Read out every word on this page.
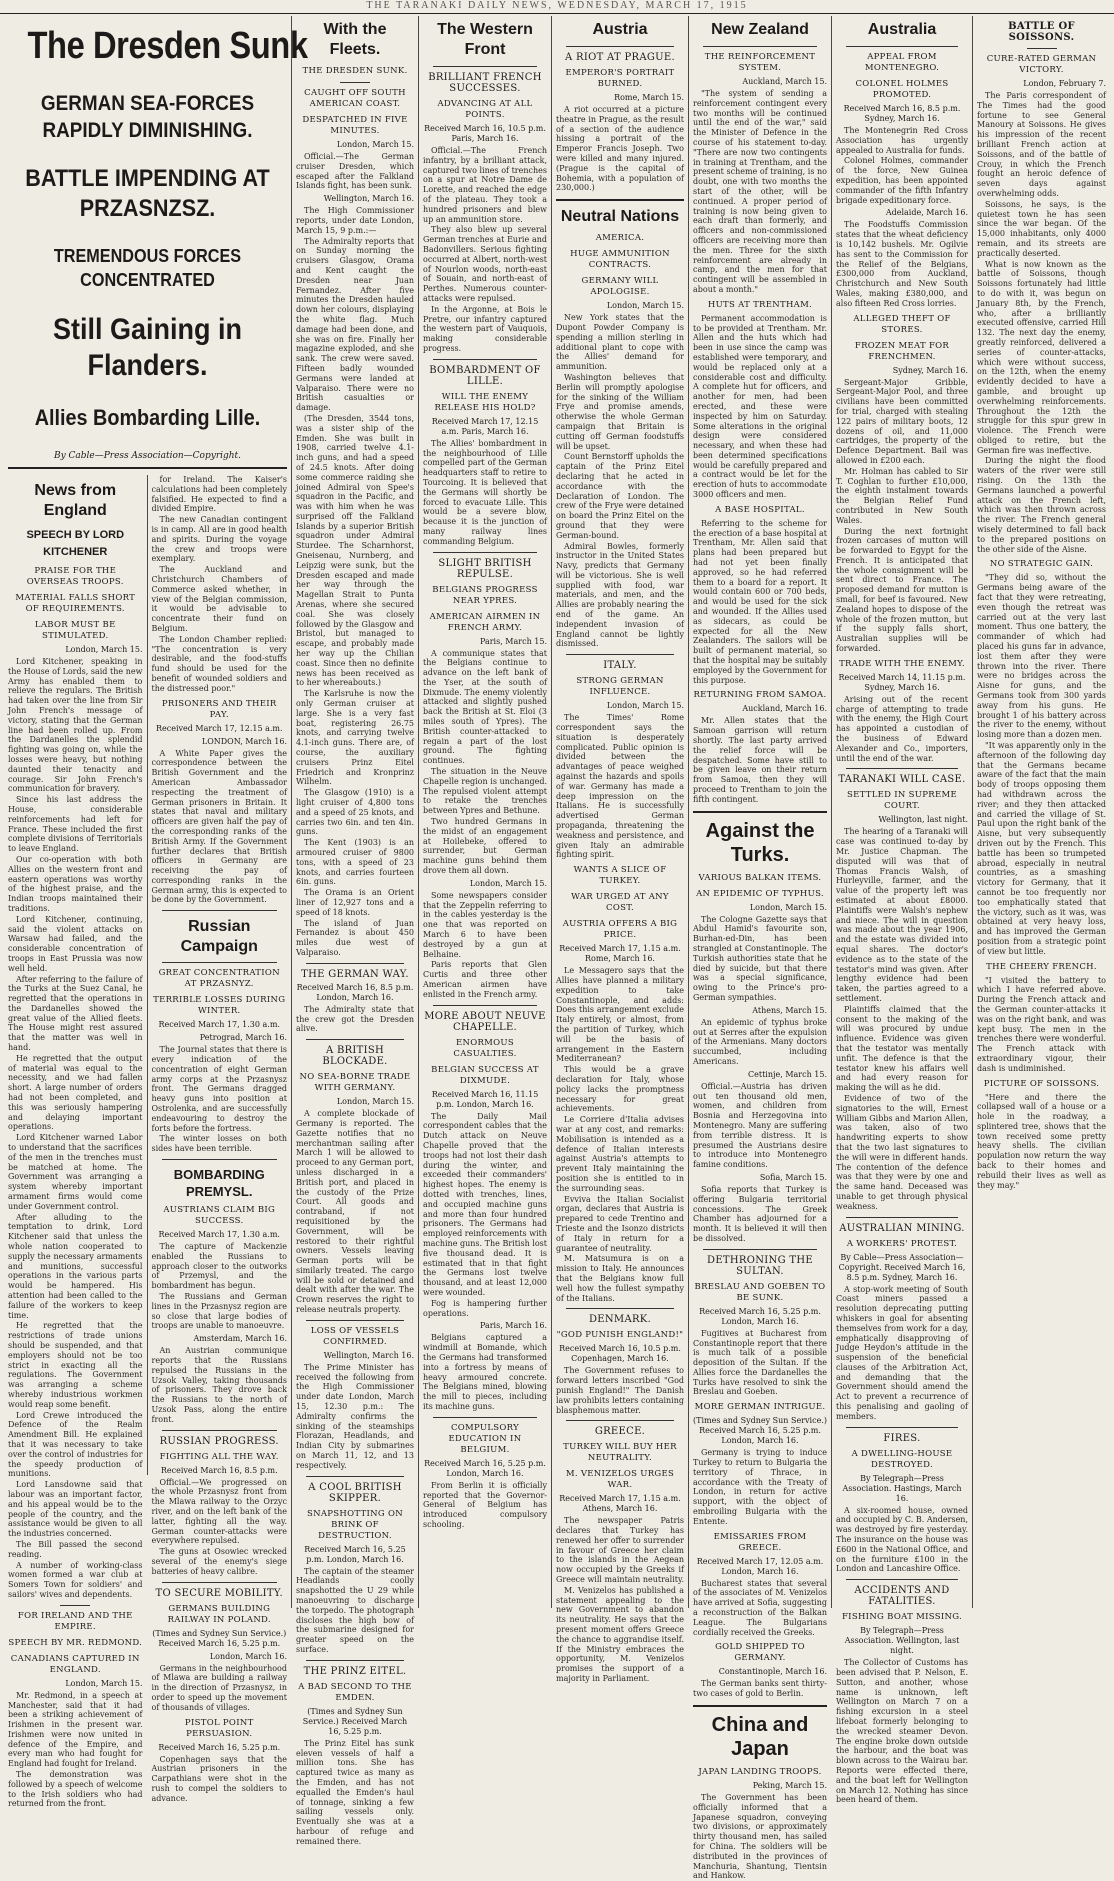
THE TARANAKI DAILY NEWS, WEDNESDAY, MARCH 17, 1915
The Dresden Sunk
GERMAN SEA-FORCES RAPIDLY DIMINISHING.
BATTLE IMPENDING AT PRZASNZSZ.
TREMENDOUS FORCES CONCENTRATED
Still Gaining in Flanders.
Allies Bombarding Lille.
By Cable—Press Association—Copyright.
News from England
SPEECH BY LORD KITCHENER
PRAISE FOR THE OVERSEAS TROOPS.
MATERIAL FALLS SHORT OF REQUIREMENTS.
LABOR MUST BE STIMULATED.
London, March 15.

Lord Kitchener, speaking in the House of Lords, said the new Army has enabled them to relieve the regulars. The British had taken over the line from Sir John French's message of victory, stating that the German line had been rolled up. From the Dardanelles the splendid fighting was going on, while the losses were heavy, but nothing daunted their tenacity and courage. Sir John French's communication for bravery.

Since his last address the House, considerable reinforcements had left for France. These included the first complete divisions of Territorials to leave England.

Our co-operation with both Allies on the western front and eastern operations was worthy of the highest praise, and the Indian troops maintained their traditions.

Lord Kitchener, continuing, said the violent attacks on Warsaw had failed, and the considerable concentration of troops in East Prussia was now well held.

After referring to the failure of the Turks at the Suez Canal, he regretted that the operations in the Dardanelles showed the great value of the Allied fleets. The House might rest assured that the matter was well in hand.

He regretted that the output of material was equal to the necessity, and we had fallen short. A large number of orders had not been completed, and this was seriously hampering and delaying important operations.

Lord Kitchener warned Labor to understand that the sacrifices of the men in the trenches must be matched at home. The Government was arranging a system whereby important armament firms would come under Government control.

After alluding to the temptation to drink, Lord Kitchener said that unless the whole nation cooperated to supply the necessary armaments and munitions, successful operations in the various parts would be hampered. His attention had been called to the failure of the workers to keep time.

He regretted that the restrictions of trade unions should be suspended, and that employers should not be too strict in exacting all the regulations. The Government was arranging a scheme whereby industrious workmen would reap some benefit.

Lord Crewe introduced the Defence of the Realm Amendment Bill. He explained that it was necessary to take over the control of industries for the speedy production of munitions.

Lord Lansdowne said that labour was an important factor, and his appeal would be to the people of the country, and the assistance would be given to all the industries concerned.

The Bill passed the second reading.

A number of working-class women formed a war club at Somers Town for soldiers' and sailors' wives and dependents.

FOR IRELAND AND THE EMPIRE.
SPEECH BY MR. REDMOND.
CANADIANS CAPTURED IN ENGLAND.
London, March 15.

Mr. Redmond, in a speech at Manchester, said that it had been a striking achievement of Irishmen in the present war. Irishmen were now united in defence of the Empire, and every man who had fought for England had fought for Ireland.

The demonstration was followed by a speech of welcome to the Irish soldiers who had returned from the front.

for Ireland. The Kaiser's calculations had been completely falsified. He expected to find a divided Empire.

The new Canadian contingent is in camp. All are in good health and spirits. During the voyage the crew and troops were exemplary.

The Auckland and Christchurch Chambers of Commerce asked whether, in view of the Belgian commission, it would be advisable to concentrate their fund on Belgium.

The London Chamber replied: "The concentration is very desirable, and the food-stuffs fund should be used for the benefit of wounded soldiers and the distressed poor."

PRISONERS AND THEIR PAY.
Received March 17, 12.15 a.m.
LONDON, March 16.

A White Paper gives the correspondence between the British Government and the American Ambassador respecting the treatment of German prisoners in Britain. It states that naval and military officers are given half the pay of the corresponding ranks of the British Army. If the Government further declares that British officers in Germany are receiving the pay of corresponding ranks in the German army, this is expected to be done by the Government.

Russian Campaign
GREAT CONCENTRATION AT PRZASNYZ.
TERRIBLE LOSSES DURING WINTER.
Received March 17, 1.30 a.m.
Petrograd, March 16.

The Journal states that there is every indication of the concentration of eight German army corps at the Przasnysz front. The Germans dragged heavy guns into position at Ostrolenka, and are successfully endeavouring to destroy the forts before the fortress.

The winter losses on both sides have been terrible.

BOMBARDING PREMYSL.
AUSTRIANS CLAIM BIG SUCCESS.
Received March 17, 1.30 a.m.

The capture of Mackenzie enabled the Russians to approach closer to the outworks of Przemysl, and the bombardment has begun.

The Russians and German lines in the Przasnysz region are so close that large bodies of troops are unable to manoeuvre.

Amsterdam, March 16.

An Austrian communique reports that the Russians repulsed the Russians in the Uzsok Valley, taking thousands of prisoners. They drove back the Russians to the north of Uzsok Pass, along the entire front.

RUSSIAN PROGRESS.
FIGHTING ALL THE WAY.
Received March 16, 8.5 p.m.

Official.—We progressed on the whole Przasnysz front from the Mlawa railway to the Orzyc river, and on the left bank of the latter, fighting all the way. German counter-attacks were everywhere repulsed.

The guns at Osowiec wrecked several of the enemy's siege batteries of heavy calibre.

TO SECURE MOBILITY.
GERMANS BUILDING RAILWAY IN POLAND.
(Times and Sydney Sun Service.) Received March 16, 5.25 p.m.
London, March 16.

Germans in the neighbourhood of Mlawa are building a railway in the direction of Przasnysz, in order to speed up the movement of thousands of villages.

PISTOL POINT PERSUASION.
Received March 16, 5.25 p.m.

Copenhagen says that the Austrian prisoners in the Carpathians were shot in the rush to compel the soldiers to advance.

With the Fleets.
THE DRESDEN SUNK.
CAUGHT OFF SOUTH AMERICAN COAST.
DESPATCHED IN FIVE MINUTES.
London, March 15.

Official.—The German cruiser Dresden, which escaped after the Falkland Islands fight, has been sunk.

Wellington, March 16.

The High Commissioner reports, under date London, March 15, 9 p.m.:—

The Admiralty reports that on Sunday morning the cruisers Glasgow, Orama and Kent caught the Dresden near Juan Fernandez. After five minutes the Dresden hauled down her colours, displaying the white flag. Much damage had been done, and she was on fire. Finally her magazine exploded, and she sank. The crew were saved. Fifteen badly wounded Germans were landed at Valparaiso. There were no British casualties or damage.

(The Dresden, 3544 tons, was a sister ship of the Emden. She was built in 1908, carried twelve 4.1-inch guns, and had a speed of 24.5 knots. After doing some commerce raiding she joined Admiral von Spee's squadron in the Pacific, and was with him when he was surprised off the Falkland Islands by a superior British squadron under Admiral Sturdee. The Scharnhorst, Gneisenau, Nurnberg, and Leipzig were sunk, but the Dresden escaped and made her way through the Magellan Strait to Punta Arenas, where she secured coal. She was closely followed by the Glasgow and Bristol, but managed to escape, and probably made her way up the Chilian coast. Since then no definite news has been received as to her whereabouts.)

The Karlsruhe is now the only German cruiser at large. She is a very fast boat, registering 26.75 knots, and carrying twelve 4.1-inch guns. There are, of course, the auxiliary cruisers Prinz Eitel Friedrich and Kronprinz Wilhelm.

The Glasgow (1910) is a light cruiser of 4,800 tons and a speed of 25 knots, and carries two 6in. and ten 4in. guns.

The Kent (1903) is an armoured cruiser of 9800 tons, with a speed of 23 knots, and carries fourteen 6in. guns.

The Orama is an Orient liner of 12,927 tons and a speed of 18 knots.

The island of Juan Fernandez is about 450 miles due west of Valparaiso.

THE GERMAN WAY.
Received March 16, 8.5 p.m. London, March 16.

The Admiralty state that the crew got the Dresden alive.

A BRITISH BLOCKADE.
NO SEA-BORNE TRADE WITH GERMANY.
London, March 15.

A complete blockade of Germany is reported. The Gazette notifies that no merchantman sailing after March 1 will be allowed to proceed to any German port, unless discharged in a British port, and placed in the custody of the Prize Court. All goods and contraband, if not requisitioned by the Government, will be restored to their rightful owners. Vessels leaving German ports will be similarly treated. The cargo will be sold or detained and dealt with after the war. The Crown reserves the right to release neutrals property.

LOSS OF VESSELS CONFIRMED.
Wellington, March 16.

The Prime Minister has received the following from the High Commissioner under date London, March 15, 12.30 p.m.: The Admiralty confirms the sinking of the steamships Florazan, Headlands, and Indian City by submarines on March 11, 12, and 13 respectively.

A COOL BRITISH SKIPPER.
SNAPSHOTTING ON BRINK OF DESTRUCTION.
Received March 16, 5.25 p.m. London, March 16.

The captain of the steamer Headlands coolly snapshotted the U 29 while manoeuvring to discharge the torpedo. The photograph discloses the high bow of the submarine designed for greater speed on the surface.

THE PRINZ EITEL.
A BAD SECOND TO THE EMDEN.
(Times and Sydney Sun Service.) Received March 16, 5.25 p.m.

The Prinz Eitel has sunk eleven vessels of half a million tons. She has captured twice as many as the Emden, and has not equalled the Emden's haul of tonnage, sinking a few sailing vessels only. Eventually she was at a harbour of refuge and remained there.

The Western Front
BRILLIANT FRENCH SUCCESSES.
ADVANCING AT ALL POINTS.
Received March 16, 10.5 p.m. Paris, March 16.

Official.—The French infantry, by a brilliant attack, captured two lines of trenches on a spur at Notre Dame de Lorette, and reached the edge of the plateau. They took a hundred prisoners and blew up an ammunition store.

They also blew up several German trenches at Eurie and Badonvillers. Serious fighting occurred at Albert, north-west of Nourlon woods, north-east of Souain, and north-east of Perthes. Numerous counter-attacks were repulsed.

In the Argonne, at Bois le Pretre, our infantry captured the western part of Vauquois, making considerable progress.

BOMBARDMENT OF LILLE.
WILL THE ENEMY RELEASE HIS HOLD?
Received March 17, 12.15 a.m. Paris, March 16.

The Allies' bombardment in the neighbourhood of Lille compelled part of the German headquarters staff to retire to Tourcoing. It is believed that the Germans will shortly be forced to evacuate Lille. This would be a severe blow, because it is the junction of many railway lines commanding Belgium.

SLIGHT BRITISH REPULSE.
BELGIANS PROGRESS NEAR YPRES.
AMERICAN AIRMEN IN FRENCH ARMY.
Paris, March 15.

A communique states that the Belgians continue to advance on the left bank of the Yser, at the south of Dixmude. The enemy violently attacked and slightly pushed back the British at St. Eloi (3 miles south of Ypres). The British counter-attacked to regain a part of the lost ground. The fighting continues.

The situation in the Neuve Chapelle region is unchanged. The repulsed violent attempt to retake the trenches between Ypres and Bethune.

Two hundred Germans in the midst of an engagement at Hoilebeke, offered to surrender, but German machine guns behind them drove them all down.

London, March 15.

Some newspapers consider that the Zeppelin referring to in the cables yesterday is the one that was reported on March 6 to have been destroyed by a gun at Belhaine.

Paris reports that Glen Curtis and three other American airmen have enlisted in the French army.

MORE ABOUT NEUVE CHAPELLE.
ENORMOUS CASUALTIES.
BELGIAN SUCCESS AT DIXMUDE.
Received March 16, 11.15 p.m. London, March 16.

The Daily Mail correspondent cables that the Dutch attack on Neuve Chapelle proved that the troops had not lost their dash during the winter, and exceeded their commanders' highest hopes. The enemy is dotted with trenches, lines, and occupied machine guns and more than four hundred prisoners. The Germans had employed reinforcements with machine guns. The British lost five thousand dead. It is estimated that in that fight the Germans lost twelve thousand, and at least 12,000 were wounded.

Fog is hampering further operations.

Paris, March 16.

Belgians captured a windmill at Bomande, which the Germans had transformed into a fortress by means of heavy armoured concrete. The Belgians mined, blowing the mill to pieces, including its machine guns.

COMPULSORY EDUCATION IN BELGIUM.
Received March 16, 5.25 p.m. London, March 16.

From Berlin it is officially reported that the Governor-General of Belgium has introduced compulsory schooling.

Austria
A RIOT AT PRAGUE.
EMPEROR'S PORTRAIT BURNED.
Rome, March 15.

A riot occurred at a picture theatre in Prague, as the result of a section of the audience hissing a portrait of the Emperor Francis Joseph. Two were killed and many injured. (Prague is the capital of Bohemia, with a population of 230,000.)

Neutral Nations
AMERICA.
HUGE AMMUNITION CONTRACTS.
GERMANY WILL APOLOGISE.
London, March 15.

New York states that the Dupont Powder Company is spending a million sterling in additional plant to cope with the Allies' demand for ammunition.

Washington believes that Berlin will promptly apologise for the sinking of the William Frye and promise amends, otherwise the whole German campaign that Britain is cutting off German foodstuffs will be upset.

Count Bernstorff upholds the captain of the Prinz Eitel declaring that he acted in accordance with the Declaration of London. The crew of the Frye were detained on board the Prinz Eitel on the ground that they were German-bound.

Admiral Bowles, formerly instructor in the United States Navy, predicts that Germany will be victorious. She is well supplied with food, war materials, and men, and the Allies are probably nearing the end of the game. An independent invasion of England cannot be lightly dismissed.

ITALY.
STRONG GERMAN INFLUENCE.
London, March 15.

The Times' Rome correspondent says the situation is desperately complicated. Public opinion is divided between the advantages of peace weighed against the hazards and spoils of war. Germany has made a deep impression on the Italians. He is successfully advertised German propaganda, threatening the weakness and persistence, and given Italy an admirable fighting spirit.

WANTS A SLICE OF TURKEY.
WAR URGED AT ANY COST.
AUSTRIA OFFERS A BIG PRICE.
Received March 17, 1.15 a.m. Rome, March 16.

Le Messagero says that the Allies have planned a military expedition to take Constantinople, and adds: Does this arrangement exclude Italy entirely, or almost, from the partition of Turkey, which will be the basis of arrangement in the Eastern Mediterranean?

This would be a grave declaration for Italy, whose policy lacks the promptness necessary for great achievements.

Le Corriere d'Italia advises war at any cost, and remarks: Mobilisation is intended as a defence of Italian interests against Austria's attempts to prevent Italy maintaining the position she is entitled to in the surrounding seas.

Evviva the Italian Socialist organ, declares that Austria is prepared to cede Trentino and Trieste and the Isonzo districts of Italy in return for a guarantee of neutrality.

M. Matsumura is on a mission to Italy. He announces that the Belgians know full well how the fullest sympathy of the Italians.

DENMARK.
"GOD PUNISH ENGLAND!"
Received March 16, 10.5 p.m. Copenhagen, March 16.

The Government refuses to forward letters inscribed "God punish England!" The Danish law prohibits letters containing blasphemous matter.

GREECE.
TURKEY WILL BUY HER NEUTRALITY.
M. VENIZELOS URGES WAR.
Received March 17, 1.15 a.m. Athens, March 16.

The newspaper Patris declares that Turkey has renewed her offer to surrender in favour of Greece her claim to the islands in the Aegean now occupied by the Greeks if Greece will maintain neutrality.

M. Venizelos has published a statement appealing to the new Government to abandon its neutrality. He says that the present moment offers Greece the chance to aggrandise itself. If the Ministry embraces the opportunity, M. Venizelos promises the support of a majority in Parliament.

New Zealand
THE REINFORCEMENT SYSTEM.
Auckland, March 15.

"The system of sending a reinforcement contingent every two months will be continued until the end of the war," said the Minister of Defence in the course of his statement to-day. "There are now two contingents in training at Trentham, and the present scheme of training, is no doubt, one with two months the start of the other, will be continued. A proper period of training is now being given to each draft than formerly, and officers and non-commissioned officers are receiving more than the men. Three for the sixth reinforcement are already in camp, and the men for that contingent will be assembled in about a month."

HUTS AT TRENTHAM.

Permanent accommodation is to be provided at Trentham. Mr. Allen and the huts which had been in use since the camp was established were temporary, and would be replaced only at a considerable cost and difficulty. A complete hut for officers, and another for men, had been erected, and these were inspected by him on Saturday. Some alterations in the original design were considered necessary, and when these had been determined specifications would be carefully prepared and a contract would be let for the erection of huts to accommodate 3000 officers and men.

A BASE HOSPITAL.

Referring to the scheme for the erection of a base hospital at Trentham, Mr. Allen said that plans had been prepared but had not yet been finally approved, so he had referred them to a board for a report. It would contain 600 or 700 beds, and would be used for the sick and wounded. If the Allies used as sidecars, as could be expected for all the New Zealanders. The sailors will be built of permanent material, so that the hospital may be suitably employed by the Government for this purpose.

RETURNING FROM SAMOA.
Auckland, March 16.

Mr. Allen states that the Samoan garrison will return shortly. The last party arrived the relief force will be despatched. Some have still to be given leave on their return from Samoa, then they will proceed to Trentham to join the fifth contingent.

Against the Turks.
VARIOUS BALKAN ITEMS.
AN EPIDEMIC OF TYPHUS.
London, March 15.

The Cologne Gazette says that Abdul Hamid's favourite son, Burhan-ed-Din, has been strangled at Constantinople. The Turkish authorities state that he died by suicide, but that there was a special significance, owing to the Prince's pro-German sympathies.

Athens, March 15.

An epidemic of typhus broke out at Serres after the expulsion of the Armenians. Many doctors succumbed, including Americans.

Cettinje, March 15.

Official.—Austria has driven out ten thousand old men, women, and children from Bosnia and Herzegovina into Montenegro. Many are suffering from terrible distress. It is presumed the Austrians desire to introduce into Montenegro famine conditions.

Sofia, March 15.

Sofia reports that Turkey is offering Bulgaria territorial concessions. The Greek Chamber has adjourned for a month. It is believed it will then be dissolved.

DETHRONING THE SULTAN.
BRESLAU AND GOEBEN TO BE SUNK.
Received March 16, 5.25 p.m. London, March 16.

Fugitives at Bucharest from Constantinople report that there is much talk of a possible deposition of the Sultan. If the Allies force the Dardanelles the Turks have resolved to sink the Breslau and Goeben.

MORE GERMAN INTRIGUE.
(Times and Sydney Sun Service.) Received March 16, 5.25 p.m. London, March 16.

Germany is trying to induce Turkey to return to Bulgaria the territory of Thrace, in accordance with the Treaty of London, in return for active support, with the object of embroiling Bulgaria with the Entente.

EMISSARIES FROM GREECE.
Received March 17, 12.05 a.m. London, March 16.

Bucharest states that several of the associates of M. Venizelos have arrived at Sofia, suggesting a reconstruction of the Balkan League. The Bulgarians cordially received the Greeks.

GOLD SHIPPED TO GERMANY.
Constantinople, March 16.

The German banks sent thirty-two cases of gold to Berlin.

China and Japan
JAPAN LANDING TROOPS.
Peking, March 15.

The Government has been officially informed that a Japanese squadron, conveying two divisions, or approximately thirty thousand men, has sailed for China. The soldiers will be distributed in the provinces of Manchuria, Shantung, Tientsin and Hankow.

Australia
APPEAL FROM MONTENEGRO.
COLONEL HOLMES PROMOTED.
Received March 16, 8.5 p.m. Sydney, March 16.

The Montenegrin Red Cross Association has urgently appealed to Australia for funds.

Colonel Holmes, commander of the force, New Guinea expedition, has been appointed commander of the fifth Infantry brigade expeditionary force.

Adelaide, March 16.

The Foodstuffs Commission states that the wheat deficiency is 10,142 bushels. Mr. Ogilvie has sent to the Commission for the Relief of the Belgians, £300,000 from Auckland, Christchurch and New South Wales, making £380,000, and also fifteen Red Cross lorries.

ALLEGED THEFT OF STORES.
FROZEN MEAT FOR FRENCHMEN.
Sydney, March 16.

Sergeant-Major Gribble, Sergeant-Major Pool, and three civilians have been committed for trial, charged with stealing 122 pairs of military boots, 12 dozens of oil, and 11,000 cartridges, the property of the Defence Department. Bail was allowed in £200 each.

Mr. Holman has cabled to Sir T. Coghlan to further £10,000, the eighth instalment towards the Belgian Relief Fund contributed in New South Wales.

During the next fortnight frozen carcases of mutton will be forwarded to Egypt for the French. It is anticipated that the whole consignment will be sent direct to France. The proposed demand for mutton is small, for beef is favoured. New Zealand hopes to dispose of the whole of the frozen mutton, but if the supply falls short, Australian supplies will be forwarded.

TRADE WITH THE ENEMY.
Received March 14, 11.15 p.m. Sydney, March 16.

Arising out of the recent charge of attempting to trade with the enemy, the High Court has appointed a custodian of the business of Edward Alexander and Co., importers, until the end of the war.

TARANAKI WILL CASE.
SETTLED IN SUPREME COURT.
Wellington, last night.

The hearing of a Taranaki will case was continued to-day by Mr. Justice Chapman. The disputed will was that of Thomas Francis Walsh, of Hurleyville, farmer, and the value of the property left was estimated at about £8000. Plaintiffs were Walsh's nephew and niece. The will in question was made about the year 1906, and the estate was divided into equal shares. The doctor's evidence as to the state of the testator's mind was given. After lengthy evidence had been taken, the parties agreed to a settlement.

Plaintiffs claimed that the consent to the making of the will was procured by undue influence. Evidence was given that the testator was mentally unfit. The defence is that the testator knew his affairs well and had every reason for making the will as he did.

Evidence of two of the signatories to the will, Ernest William Gibbs and Marion Allen, was taken, also of two handwriting experts to show that the two last signatures to the will were in different hands. The contention of the defence was that they were by one and the same hand. Deceased was unable to get through physical weakness.

AUSTRALIAN MINING.
A WORKERS' PROTEST.
By Cable—Press Association—Copyright. Received March 16, 8.5 p.m. Sydney, March 16.

A stop-work meeting of South Coast miners passed a resolution deprecating putting whiskers in goal for absenting themselves from work for a day, emphatically disapproving of Judge Heydon's attitude in the suspension of the beneficial clauses of the Arbitration Act, and demanding that the Government should amend the Act to prevent a recurrence of this penalising and gaoling of members.

FIRES.
A DWELLING-HOUSE DESTROYED.
By Telegraph—Press Association. Hastings, March 16.

A six-roomed house, owned and occupied by C. B. Andersen, was destroyed by fire yesterday. The insurance on the house was £600 in the National Office, and on the furniture £100 in the London and Lancashire Office.

ACCIDENTS AND FATALITIES.
FISHING BOAT MISSING.
By Telegraph—Press Association. Wellington, last night.

The Collector of Customs has been advised that P. Nelson, E. Sutton, and another, whose name is unknown, left Wellington on March 7 on a fishing excursion in a steel lifeboat formerly belonging to the wrecked steamer Devon. The engine broke down outside the harbour, and the boat was blown across to the Wairau bar. Reports were effected there, and the boat left for Wellington on March 12. Nothing has since been heard of them.

BATTLE OF SOISSONS.
CURE-RATED GERMAN VICTORY.
London, February 7.

The Paris correspondent of The Times had the good fortune to see General Manoury at Soissons. He gives his impression of the recent brilliant French action at Soissons, and of the battle of Crouy, in which the French fought an heroic defence of seven days against overwhelming odds.

Soissons, he says, is the quietest town he has seen since the war began. Of the 15,000 inhabitants, only 4000 remain, and its streets are practically deserted.

What is now known as the battle of Soissons, though Soissons fortunately had little to do with it, was begun on January 8th, by the French, who, after a brilliantly executed offensive, carried Hill 132. The next day the enemy, greatly reinforced, delivered a series of counter-attacks, which were without success, on the 12th, when the enemy evidently decided to have a gamble, and brought up overwhelming reinforcements. Throughout the 12th the struggle for this spur grew in violence. The French were obliged to retire, but the German fire was ineffective.

During the night the flood waters of the river were still rising. On the 13th the Germans launched a powerful attack on the French left, which was then thrown across the river. The French general wisely determined to fall back to the prepared positions on the other side of the Aisne.

NO STRATEGIC GAIN.

"They did so, without the Germans being aware of the fact that they were retreating, even though the retreat was carried out at the very last moment. Thus one battery, the commander of which had placed his guns far in advance, lost them after they were thrown into the river. There were no bridges across the Aisne for guns, and the Germans took from 300 yards away from his guns. He brought 1 of his battery across the river to the enemy, without losing more than a dozen men.

"It was apparently only in the afternoon of the following day that the Germans became aware of the fact that the main body of troops opposing them had withdrawn across the river; and they then attacked and carried the village of St. Paul upon the right bank of the Aisne, but very subsequently driven out by the French. This battle has been so trumpeted abroad, especially in neutral countries, as a smashing victory for Germany, that it cannot be too frequently nor too emphatically stated that the victory, such as it was, was obtained at very heavy loss, and has improved the German position from a strategic point of view but little.

THE CHEERY FRENCH.

"I visited the battery to which I have referred above. During the French attack and the German counter-attacks it was on the right bank, and was kept busy. The men in the trenches there were wonderful. The French attack with extraordinary vigour, their dash is undiminished.

PICTURE OF SOISSONS.

"Here and there the collapsed wall of a house or a hole in the roadway, a splintered tree, shows that the town received some pretty heavy shells. The civilian population now return the way back to their homes and rebuild their lives as well as they may."
